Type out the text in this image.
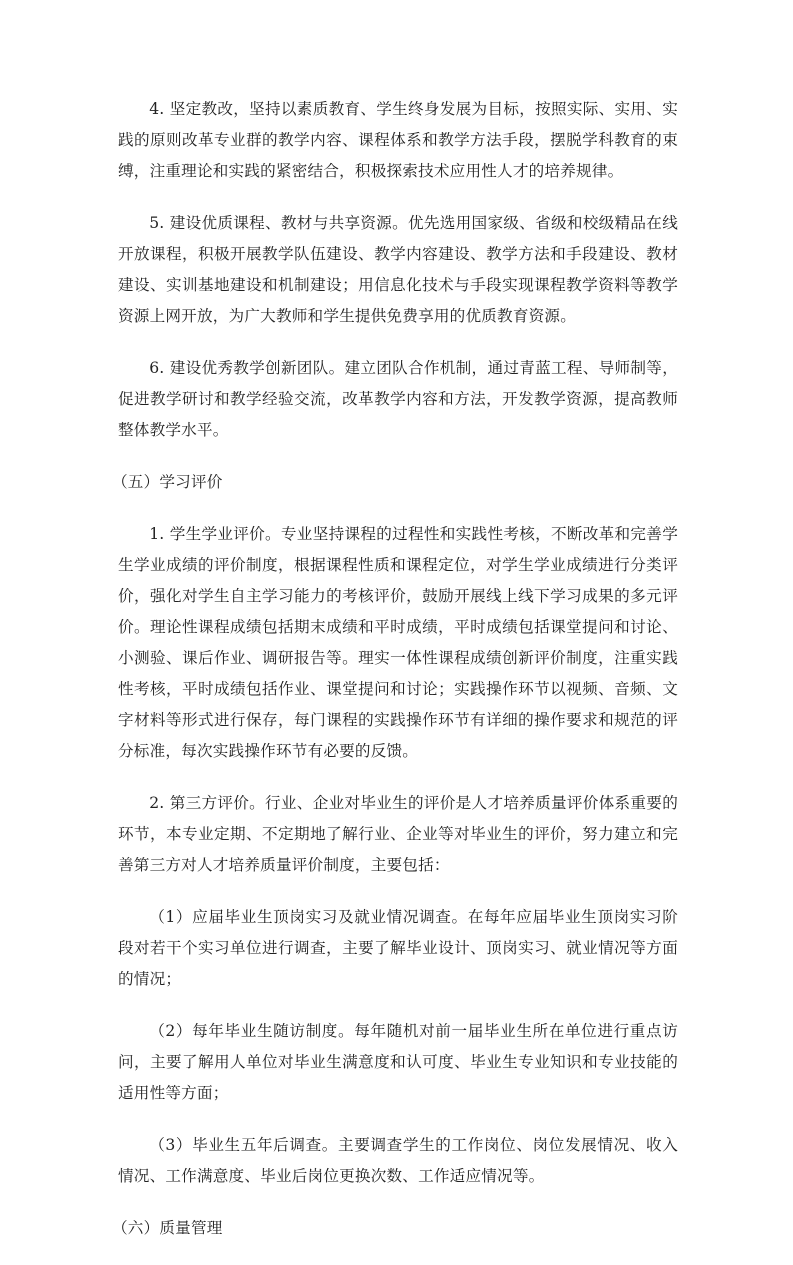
4. 坚定教改，坚持以素质教育、学生终身发展为目标，按照实际、实用、实践的原则改革专业群的教学内容、课程体系和教学方法手段，摆脱学科教育的束缚，注重理论和实践的紧密结合，积极探索技术应用性人才的培养规律。

5. 建设优质课程、教材与共享资源。优先选用国家级、省级和校级精品在线开放课程，积极开展教学队伍建设、教学内容建设、教学方法和手段建设、教材建设、实训基地建设和机制建设；用信息化技术与手段实现课程教学资料等教学资源上网开放，为广大教师和学生提供免费享用的优质教育资源。

6. 建设优秀教学创新团队。建立团队合作机制，通过青蓝工程、导师制等，促进教学研讨和教学经验交流，改革教学内容和方法，开发教学资源，提高教师整体教学水平。

（五）学习评价

1. 学生学业评价。专业坚持课程的过程性和实践性考核，不断改革和完善学生学业成绩的评价制度，根据课程性质和课程定位，对学生学业成绩进行分类评价，强化对学生自主学习能力的考核评价，鼓励开展线上线下学习成果的多元评价。理论性课程成绩包括期末成绩和平时成绩，平时成绩包括课堂提问和讨论、小测验、课后作业、调研报告等。理实一体性课程成绩创新评价制度，注重实践性考核，平时成绩包括作业、课堂提问和讨论；实践操作环节以视频、音频、文字材料等形式进行保存，每门课程的实践操作环节有详细的操作要求和规范的评分标准，每次实践操作环节有必要的反馈。

2. 第三方评价。行业、企业对毕业生的评价是人才培养质量评价体系重要的环节，本专业定期、不定期地了解行业、企业等对毕业生的评价，努力建立和完善第三方对人才培养质量评价制度，主要包括：

（1）应届毕业生顶岗实习及就业情况调查。在每年应届毕业生顶岗实习阶段对若干个实习单位进行调查，主要了解毕业设计、顶岗实习、就业情况等方面的情况；

（2）每年毕业生随访制度。每年随机对前一届毕业生所在单位进行重点访问，主要了解用人单位对毕业生满意度和认可度、毕业生专业知识和专业技能的适用性等方面；

（3）毕业生五年后调查。主要调查学生的工作岗位、岗位发展情况、收入情况、工作满意度、毕业后岗位更换次数、工作适应情况等。

（六）质量管理
